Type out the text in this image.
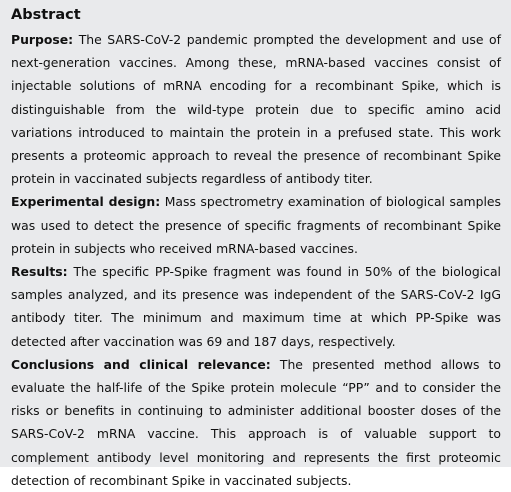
Abstract

Purpose: The SARS-CoV-2 pandemic prompted the development and use of next-generation vaccines. Among these, mRNA-based vaccines consist of injectable solutions of mRNA encoding for a recombinant Spike, which is distinguishable from the wild-type protein due to specific amino acid variations introduced to maintain the protein in a prefused state. This work presents a proteomic approach to reveal the presence of recombinant Spike protein in vaccinated subjects regardless of antibody titer.

Experimental design: Mass spectrometry examination of biological samples was used to detect the presence of specific fragments of recombinant Spike protein in subjects who received mRNA-based vaccines.

Results: The specific PP-Spike fragment was found in 50% of the biological samples analyzed, and its presence was independent of the SARS-CoV-2 IgG antibody titer. The minimum and maximum time at which PP-Spike was detected after vaccination was 69 and 187 days, respectively.

Conclusions and clinical relevance: The presented method allows to evaluate the half-life of the Spike protein molecule “PP” and to consider the risks or benefits in continuing to administer additional booster doses of the SARS-CoV-2 mRNA vaccine. This approach is of valuable support to complement antibody level monitoring and represents the first proteomic detection of recombinant Spike in vaccinated subjects.
